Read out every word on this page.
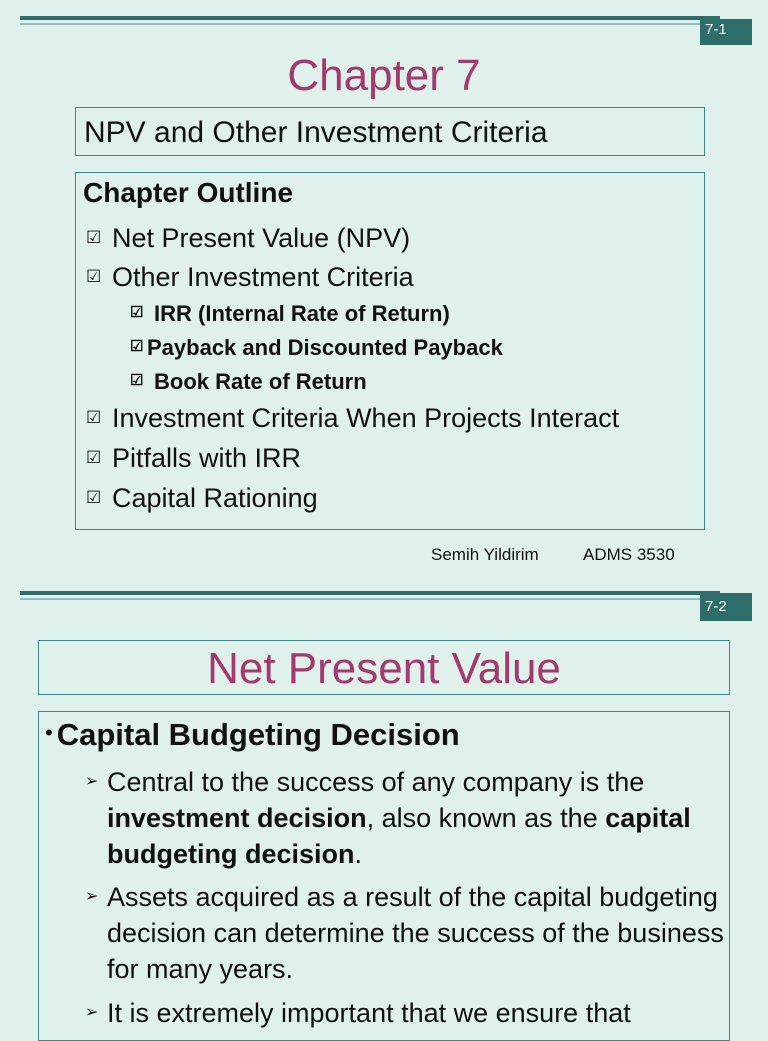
7-1
Chapter 7
NPV and Other Investment Criteria
Chapter Outline
☑ Net Present Value (NPV)
☑ Other Investment Criteria
☑ IRR (Internal Rate of Return)
☑ Payback and Discounted Payback
☑ Book Rate of Return
☑ Investment Criteria When Projects Interact
☑ Pitfalls with IRR
☑ Capital Rationing
Semih Yildirim	ADMS 3530
7-2
Net Present Value
• Capital Budgeting Decision
➢ Central to the success of any company is the investment decision, also known as the capital budgeting decision.
➢ Assets acquired as a result of the capital budgeting decision can determine the success of the business for many years.
➢ It is extremely important that we ensure that
